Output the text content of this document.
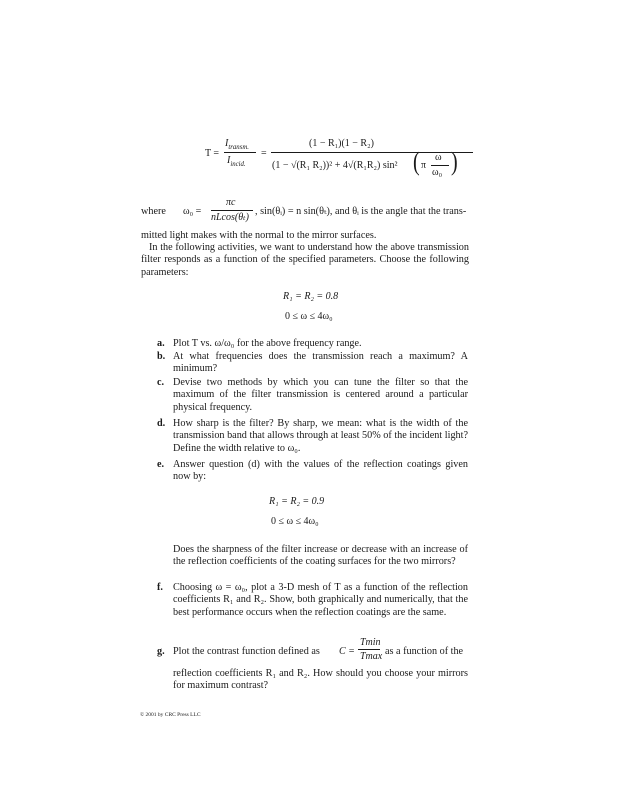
T =
$I_{transm.}$
$I_{incid.}$
=
(1 − R₁)(1 − R₂)
(1 − √(R₁ R₂))² + 4√(R₁R₂) sin² ( π
ω
ω₀ )
where ω₀ =
πc
nLcos(θₜ)
, sin(θᵢ) = n sin(θₜ), and θᵢ is the angle that the trans-
mitted light makes with the normal to the mirror surfaces.
In the following activities, we want to understand how the above transmission filter responds as a function of the specified parameters. Choose the following parameters:
R₁ = R₂ = 0.8
0 ≤ ω ≤ 4ω₀
a. Plot T vs. ω/ω₀ for the above frequency range.
b. At what frequencies does the transmission reach a maximum? A minimum?
c. Devise two methods by which you can tune the filter so that the maximum of the filter transmission is centered around a particular physical frequency.
d. How sharp is the filter? By sharp, we mean: what is the width of the transmission band that allows through at least 50% of the incident light? Define the width relative to ω₀.
e. Answer question (d) with the values of the reflection coatings given now by:
R₁ = R₂ = 0.9
0 ≤ ω ≤ 4ω₀
Does the sharpness of the filter increase or decrease with an increase of the reflection coefficients of the coating surfaces for the two mirrors?
f. Choosing ω = ω₀, plot a 3-D mesh of T as a function of the reflection coefficients R₁ and R₂. Show, both graphically and numerically, that the best performance occurs when the reflection coatings are the same.
g. Plot the contrast function defined as C =
Tmin
Tmax as a function of the
reflection coefficients R₁ and R₂. How should you choose your mirrors for maximum contrast?
© 2001 by CRC Press LLC
